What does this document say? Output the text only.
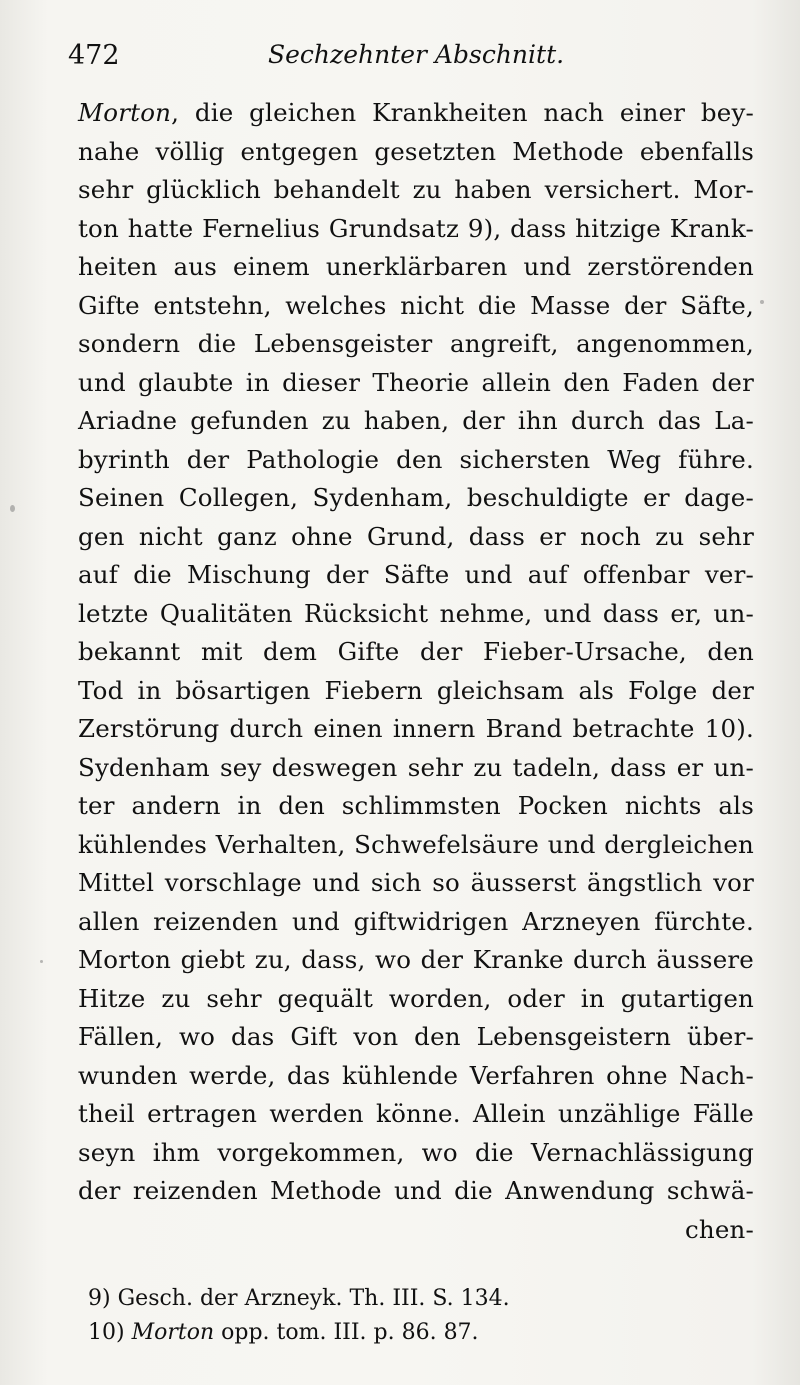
472	Sechzehnter Abschnitt.
Morton, die gleichen Krankheiten nach einer bey-
nahe völlig entgegen gesetzten Methode ebenfalls
sehr glücklich behandelt zu haben versichert. Mor-
ton hatte Fernelius Grundsatz 9), dass hitzige Krank-
heiten aus einem unerklärbaren und zerstörenden
Gifte entstehn, welches nicht die Masse der Säfte,
sondern die Lebensgeister angreift, angenommen,
und glaubte in dieser Theorie allein den Faden der
Ariadne gefunden zu haben, der ihn durch das La-
byrinth der Pathologie den sichersten Weg führe.
Seinen Collegen, Sydenham, beschuldigte er dage-
gen nicht ganz ohne Grund, dass er noch zu sehr
auf die Mischung der Säfte und auf offenbar ver-
letzte Qualitäten Rücksicht nehme, und dass er, un-
bekannt mit dem Gifte der Fieber-Ursache, den
Tod in bösartigen Fiebern gleichsam als Folge der
Zerstörung durch einen innern Brand betrachte 10).
Sydenham sey deswegen sehr zu tadeln, dass er un-
ter andern in den schlimmsten Pocken nichts als
kühlendes Verhalten, Schwefelsäure und dergleichen
Mittel vorschlage und sich so äusserst ängstlich vor
allen reizenden und giftwidrigen Arzneyen fürchte.
Morton giebt zu, dass, wo der Kranke durch äussere
Hitze zu sehr gequält worden, oder in gutartigen
Fällen, wo das Gift von den Lebensgeistern über-
wunden werde, das kühlende Verfahren ohne Nach-
theil ertragen werden könne. Allein unzählige Fälle
seyn ihm vorgekommen, wo die Vernachlässigung
der reizenden Methode und die Anwendung schwä-
chen-
9) Gesch. der Arzneyk. Th. III. S. 134.
10) Morton opp. tom. III. p. 86. 87.
